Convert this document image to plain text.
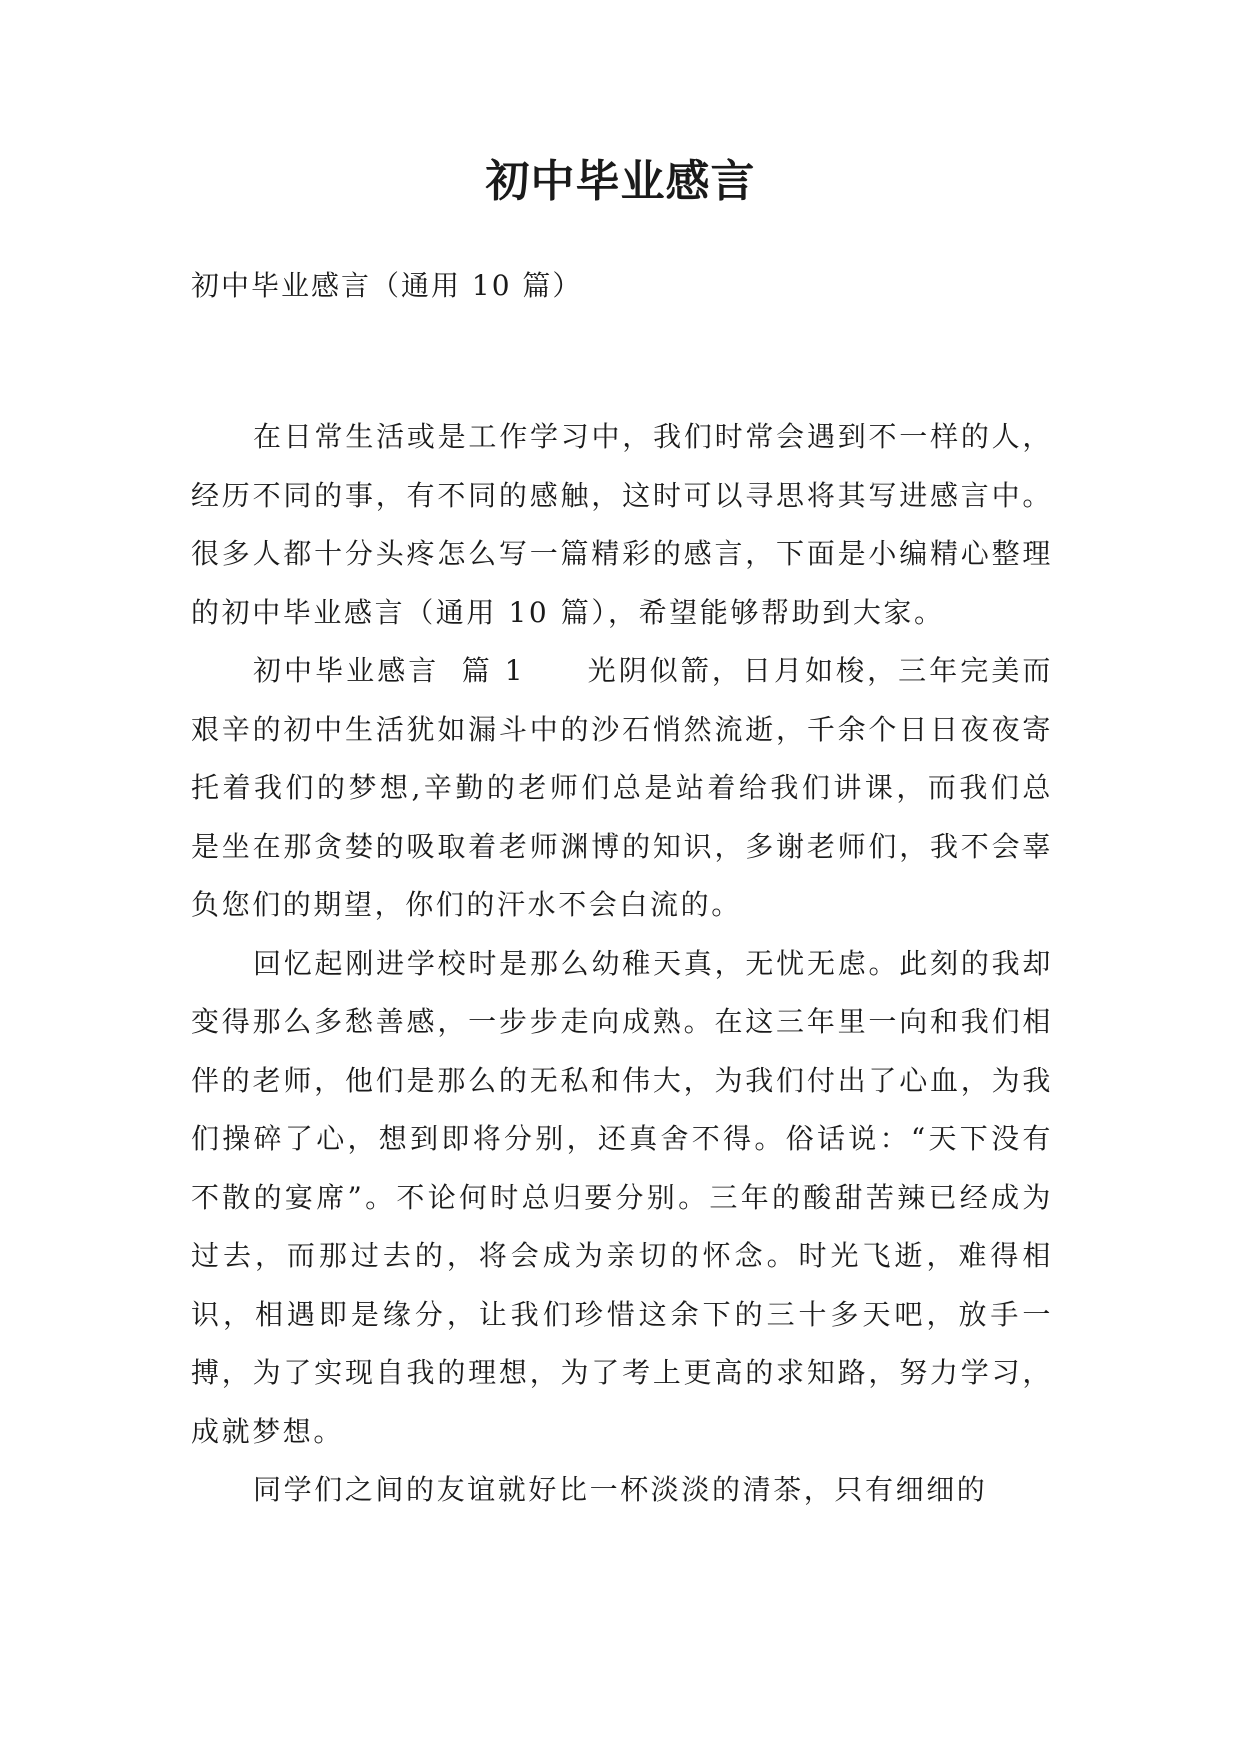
初中毕业感言
初中毕业感言（通用 10 篇）

在日常生活或是工作学习中，我们时常会遇到不一样的人，经历不同的事，有不同的感触，这时可以寻思将其写进感言中。很多人都十分头疼怎么写一篇精彩的感言，下面是小编精心整理的初中毕业感言（通用 10 篇），希望能够帮助到大家。

初中毕业感言 篇 1 光阴似箭，日月如梭，三年完美而艰辛的初中生活犹如漏斗中的沙石悄然流逝，千余个日日夜夜寄托着我们的梦想,辛勤的老师们总是站着给我们讲课，而我们总是坐在那贪婪的吸取着老师渊博的知识，多谢老师们，我不会辜负您们的期望，你们的汗水不会白流的。

回忆起刚进学校时是那么幼稚天真，无忧无虑。此刻的我却变得那么多愁善感，一步步走向成熟。在这三年里一向和我们相伴的老师，他们是那么的无私和伟大，为我们付出了心血，为我们操碎了心，想到即将分别，还真舍不得。俗话说：“天下没有不散的宴席”。不论何时总归要分别。三年的酸甜苦辣已经成为过去，而那过去的，将会成为亲切的怀念。时光飞逝，难得相识，相遇即是缘分，让我们珍惜这余下的三十多天吧，放手一搏，为了实现自我的理想，为了考上更高的求知路，努力学习，成就梦想。

同学们之间的友谊就好比一杯淡淡的清茶，只有细细的
